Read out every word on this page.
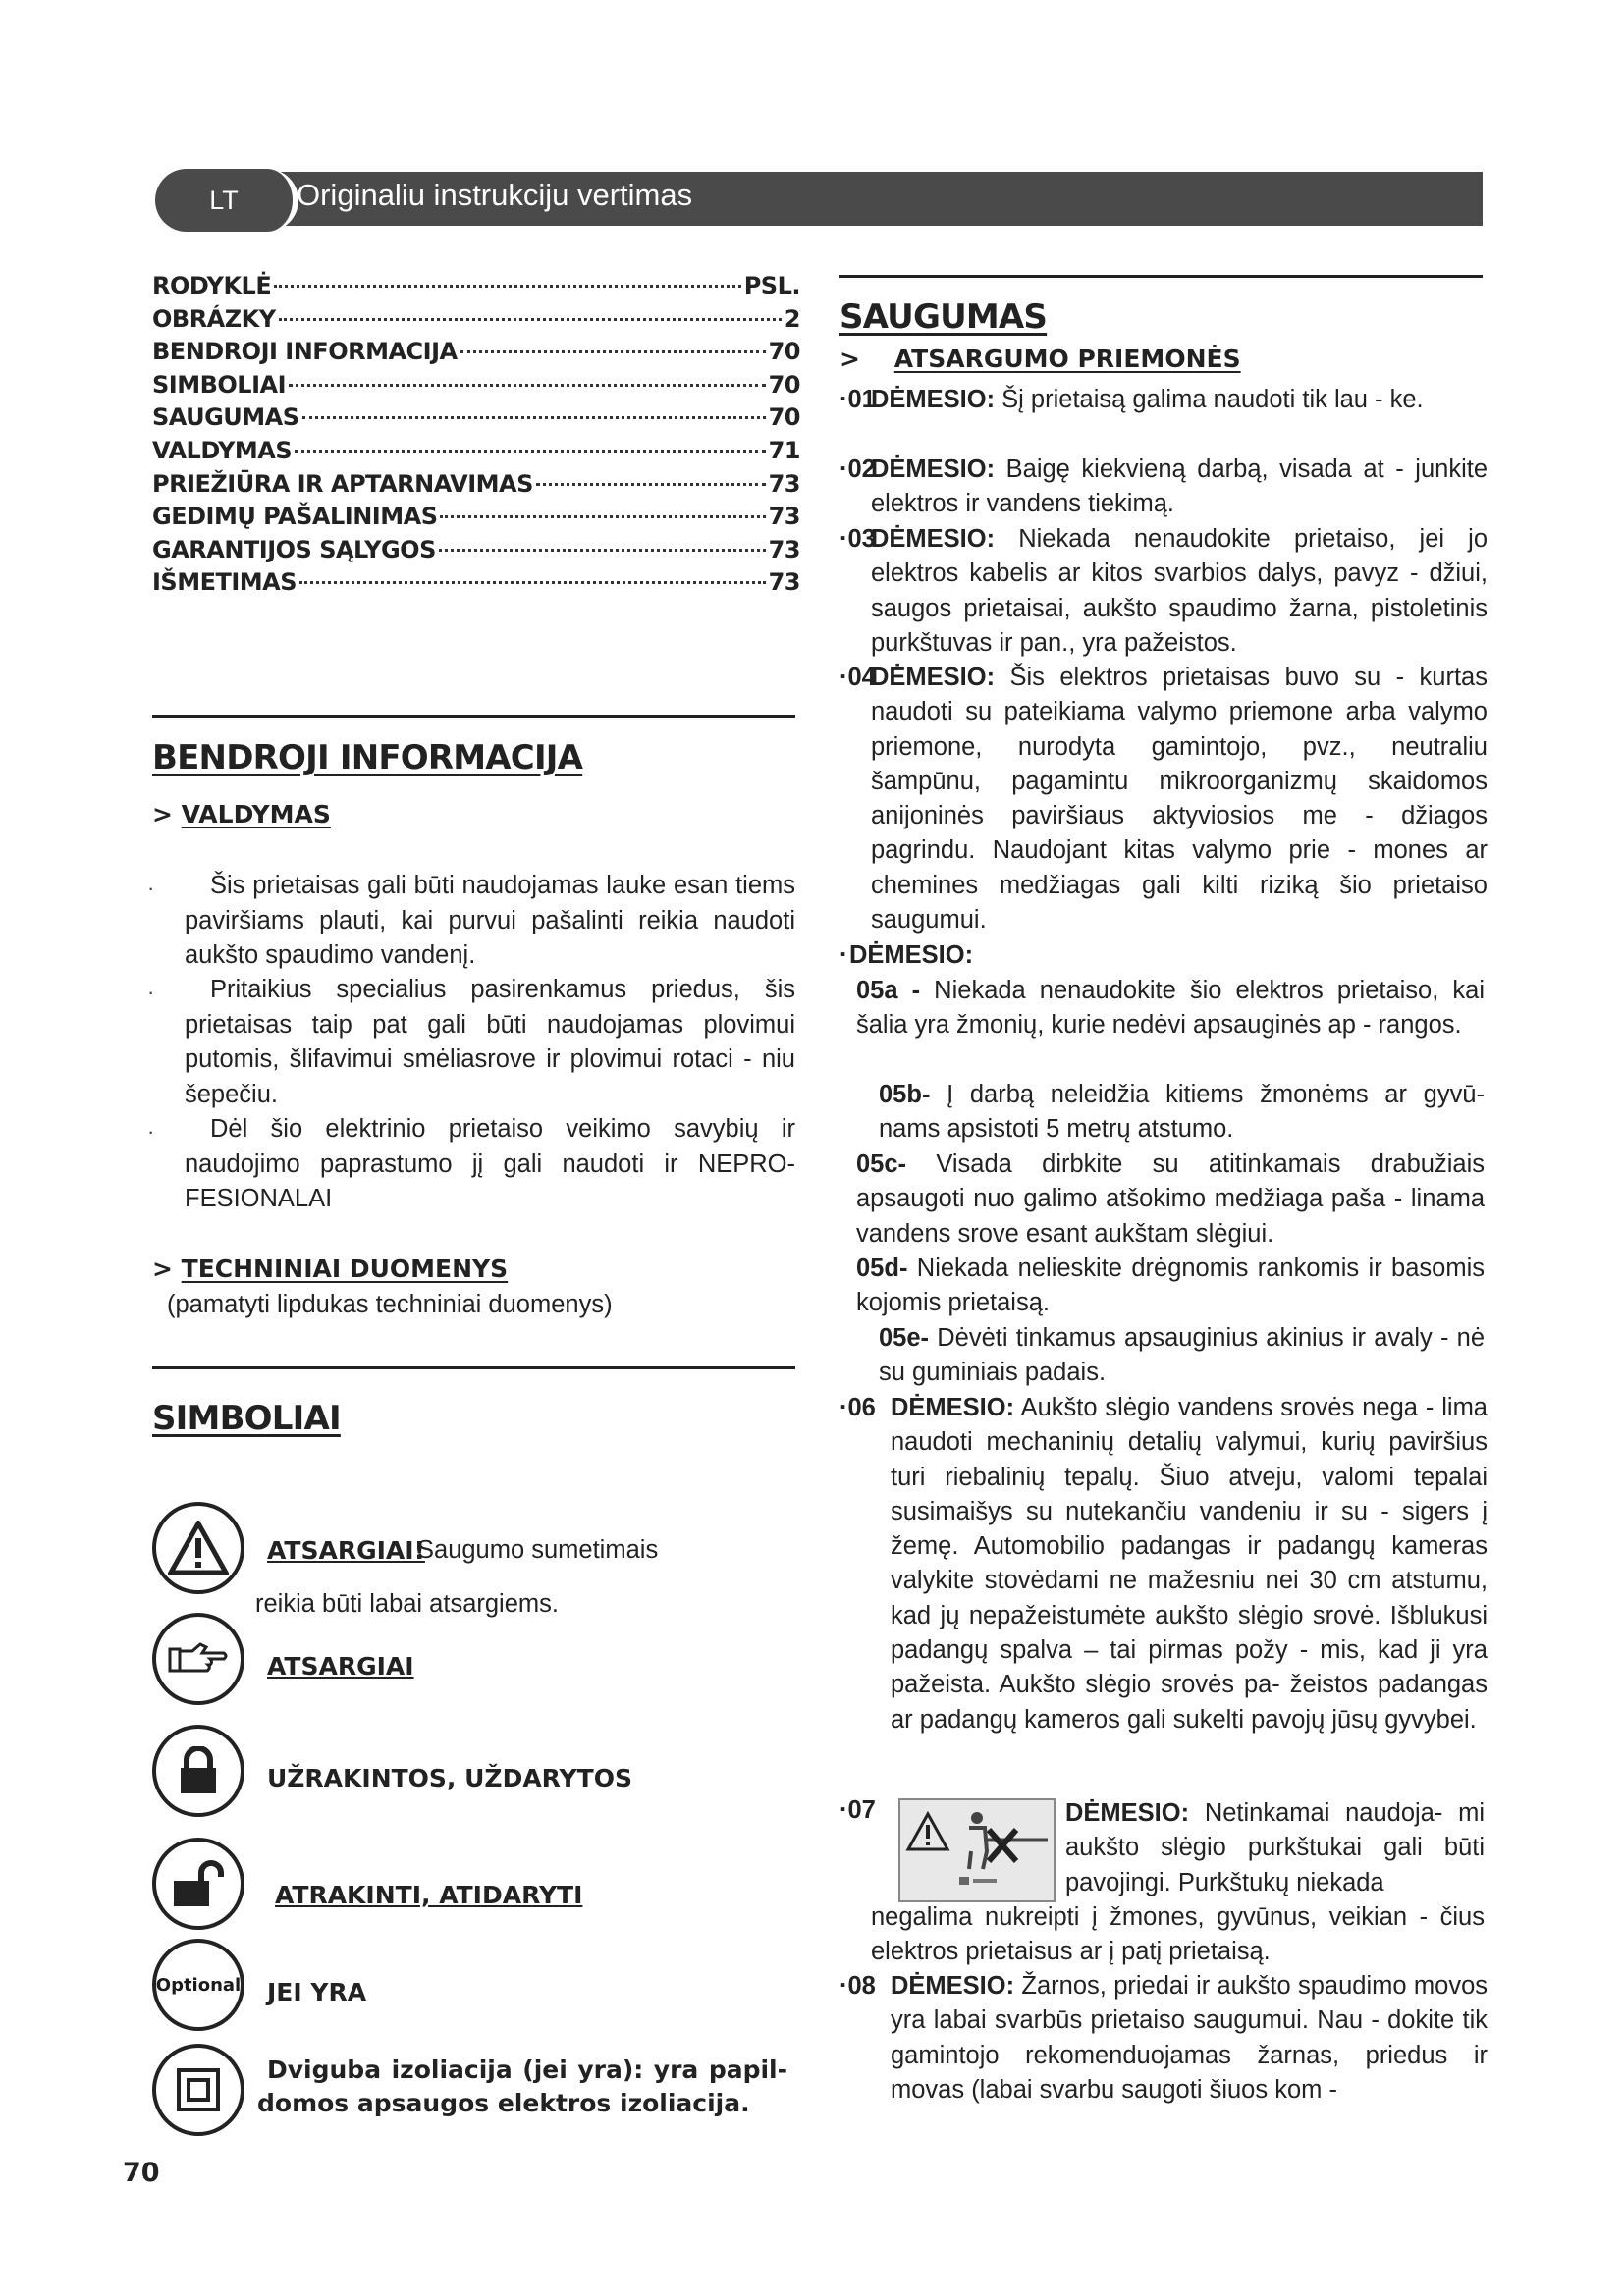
LT	Originaliu instrukciju vertimas
RODYKLĖ	PSL.
OBRÁZKY	2
BENDROJI INFORMACIJA	70
SIMBOLIAI	70
SAUGUMAS	70
VALDYMAS	71
PRIEŽIŪRA IR APTARNAVIMAS	73
GEDIMŲ PAŠALINIMAS	73
GARANTIJOS SĄLYGOS	73
IŠMETIMAS	73
BENDROJI INFORMACIJA
> VALDYMAS
·	Šis prietaisas gali būti naudojamas lauke esan tiems paviršiams plauti, kai purvui pašalinti reikia naudoti aukšto spaudimo vandenį.

·	Pritaikius specialius pasirenkamus priedus, šis prietaisas taip pat gali būti naudojamas plovimui putomis, šlifavimui smėliasrove ir plovimui rotaci - niu šepečiu.

·	Dėl šio elektrinio prietaiso veikimo savybių ir naudojimo paprastumo jį gali naudoti ir NEPRO- FESIONALAI

> TECHNINIAI DUOMENYS
(pamatyti lipdukas techniniai duomenys)
SIMBOLIAI
ATSARGIAI!
Saugumo sumetimais
reikia būti labai atsargiems.
ATSARGIAI
UŽRAKINTOS, UŽDARYTOS
ATRAKINTI, ATIDARYTI
Optional JEI YRA
Dviguba izoliacija (jei yra): yra papil- domos apsaugos elektros izoliacija.
SAUGUMAS
>    ATSARGUMO PRIEMONĖS
·01
DĖMESIO: Šį prietaisą galima naudoti tik lau - ke.
·02
DĖMESIO: Baigę kiekvieną darbą, visada at - junkite elektros ir vandens tiekimą.
·03
DĖMESIO: Niekada nenaudokite prietaiso, jei jo elektros kabelis ar kitos svarbios dalys, pavyz - džiui, saugos prietaisai, aukšto spaudimo žarna, pistoletinis purkštuvas ir pan., yra pažeistos.
·04
DĖMESIO: Šis elektros prietaisas buvo su - kurtas naudoti su pateikiama valymo priemone arba valymo priemone, nurodyta gamintojo, pvz., neutraliu šampūnu, pagamintu mikroorganizmų skaidomos anijoninės paviršiaus aktyviosios me - džiagos pagrindu. Naudojant kitas valymo prie - mones ar chemines medžiagas gali kilti riziką šio prietaiso saugumui.
· DĖMESIO:
05a - Niekada nenaudokite šio elektros prietaiso, kai šalia yra žmonių, kurie nedėvi apsauginės ap - rangos.
05b- Į darbą neleidžia kitiems žmonėms ar gyvū- nams apsistoti 5 metrų atstumo.
05c- Visada dirbkite su atitinkamais drabužiais apsaugoti nuo galimo atšokimo medžiaga paša - linama vandens srove esant aukštam slėgiui.
05d- Niekada nelieskite drėgnomis rankomis ir basomis kojomis prietaisą.
05e- Dėvėti tinkamus apsauginius akinius ir avaly - nė su guminiais padais.
·06 DĖMESIO: Aukšto slėgio vandens srovės nega - lima naudoti mechaninių detalių valymui, kurių paviršius turi riebalinių tepalų. Šiuo atveju, valomi tepalai susimaišys su nutekančiu vandeniu ir su - sigers į žemę. Automobilio padangas ir padangų kameras valykite stovėdami ne mažesniu nei 30 cm atstumu, kad jų nepažeistumėte aukšto slėgio srovė. Išblukusi padangų spalva – tai pirmas požy - mis, kad ji yra pažeista. Aukšto slėgio srovės pa- žeistos padangas ar padangų kameros gali sukelti pavojų jūsų gyvybei.
·07	DĖMESIO: Netinkamai naudoja- mi aukšto slėgio purkštukai gali būti pavojingi. Purkštukų niekada
negalima nukreipti į žmones, gyvūnus, veikian - čius elektros prietaisus ar į patį prietaisą.
·08 DĖMESIO: Žarnos, priedai ir aukšto spaudimo movos yra labai svarbūs prietaiso saugumui. Nau - dokite tik gamintojo rekomenduojamas žarnas, priedus ir movas (labai svarbu saugoti šiuos kom -
70
